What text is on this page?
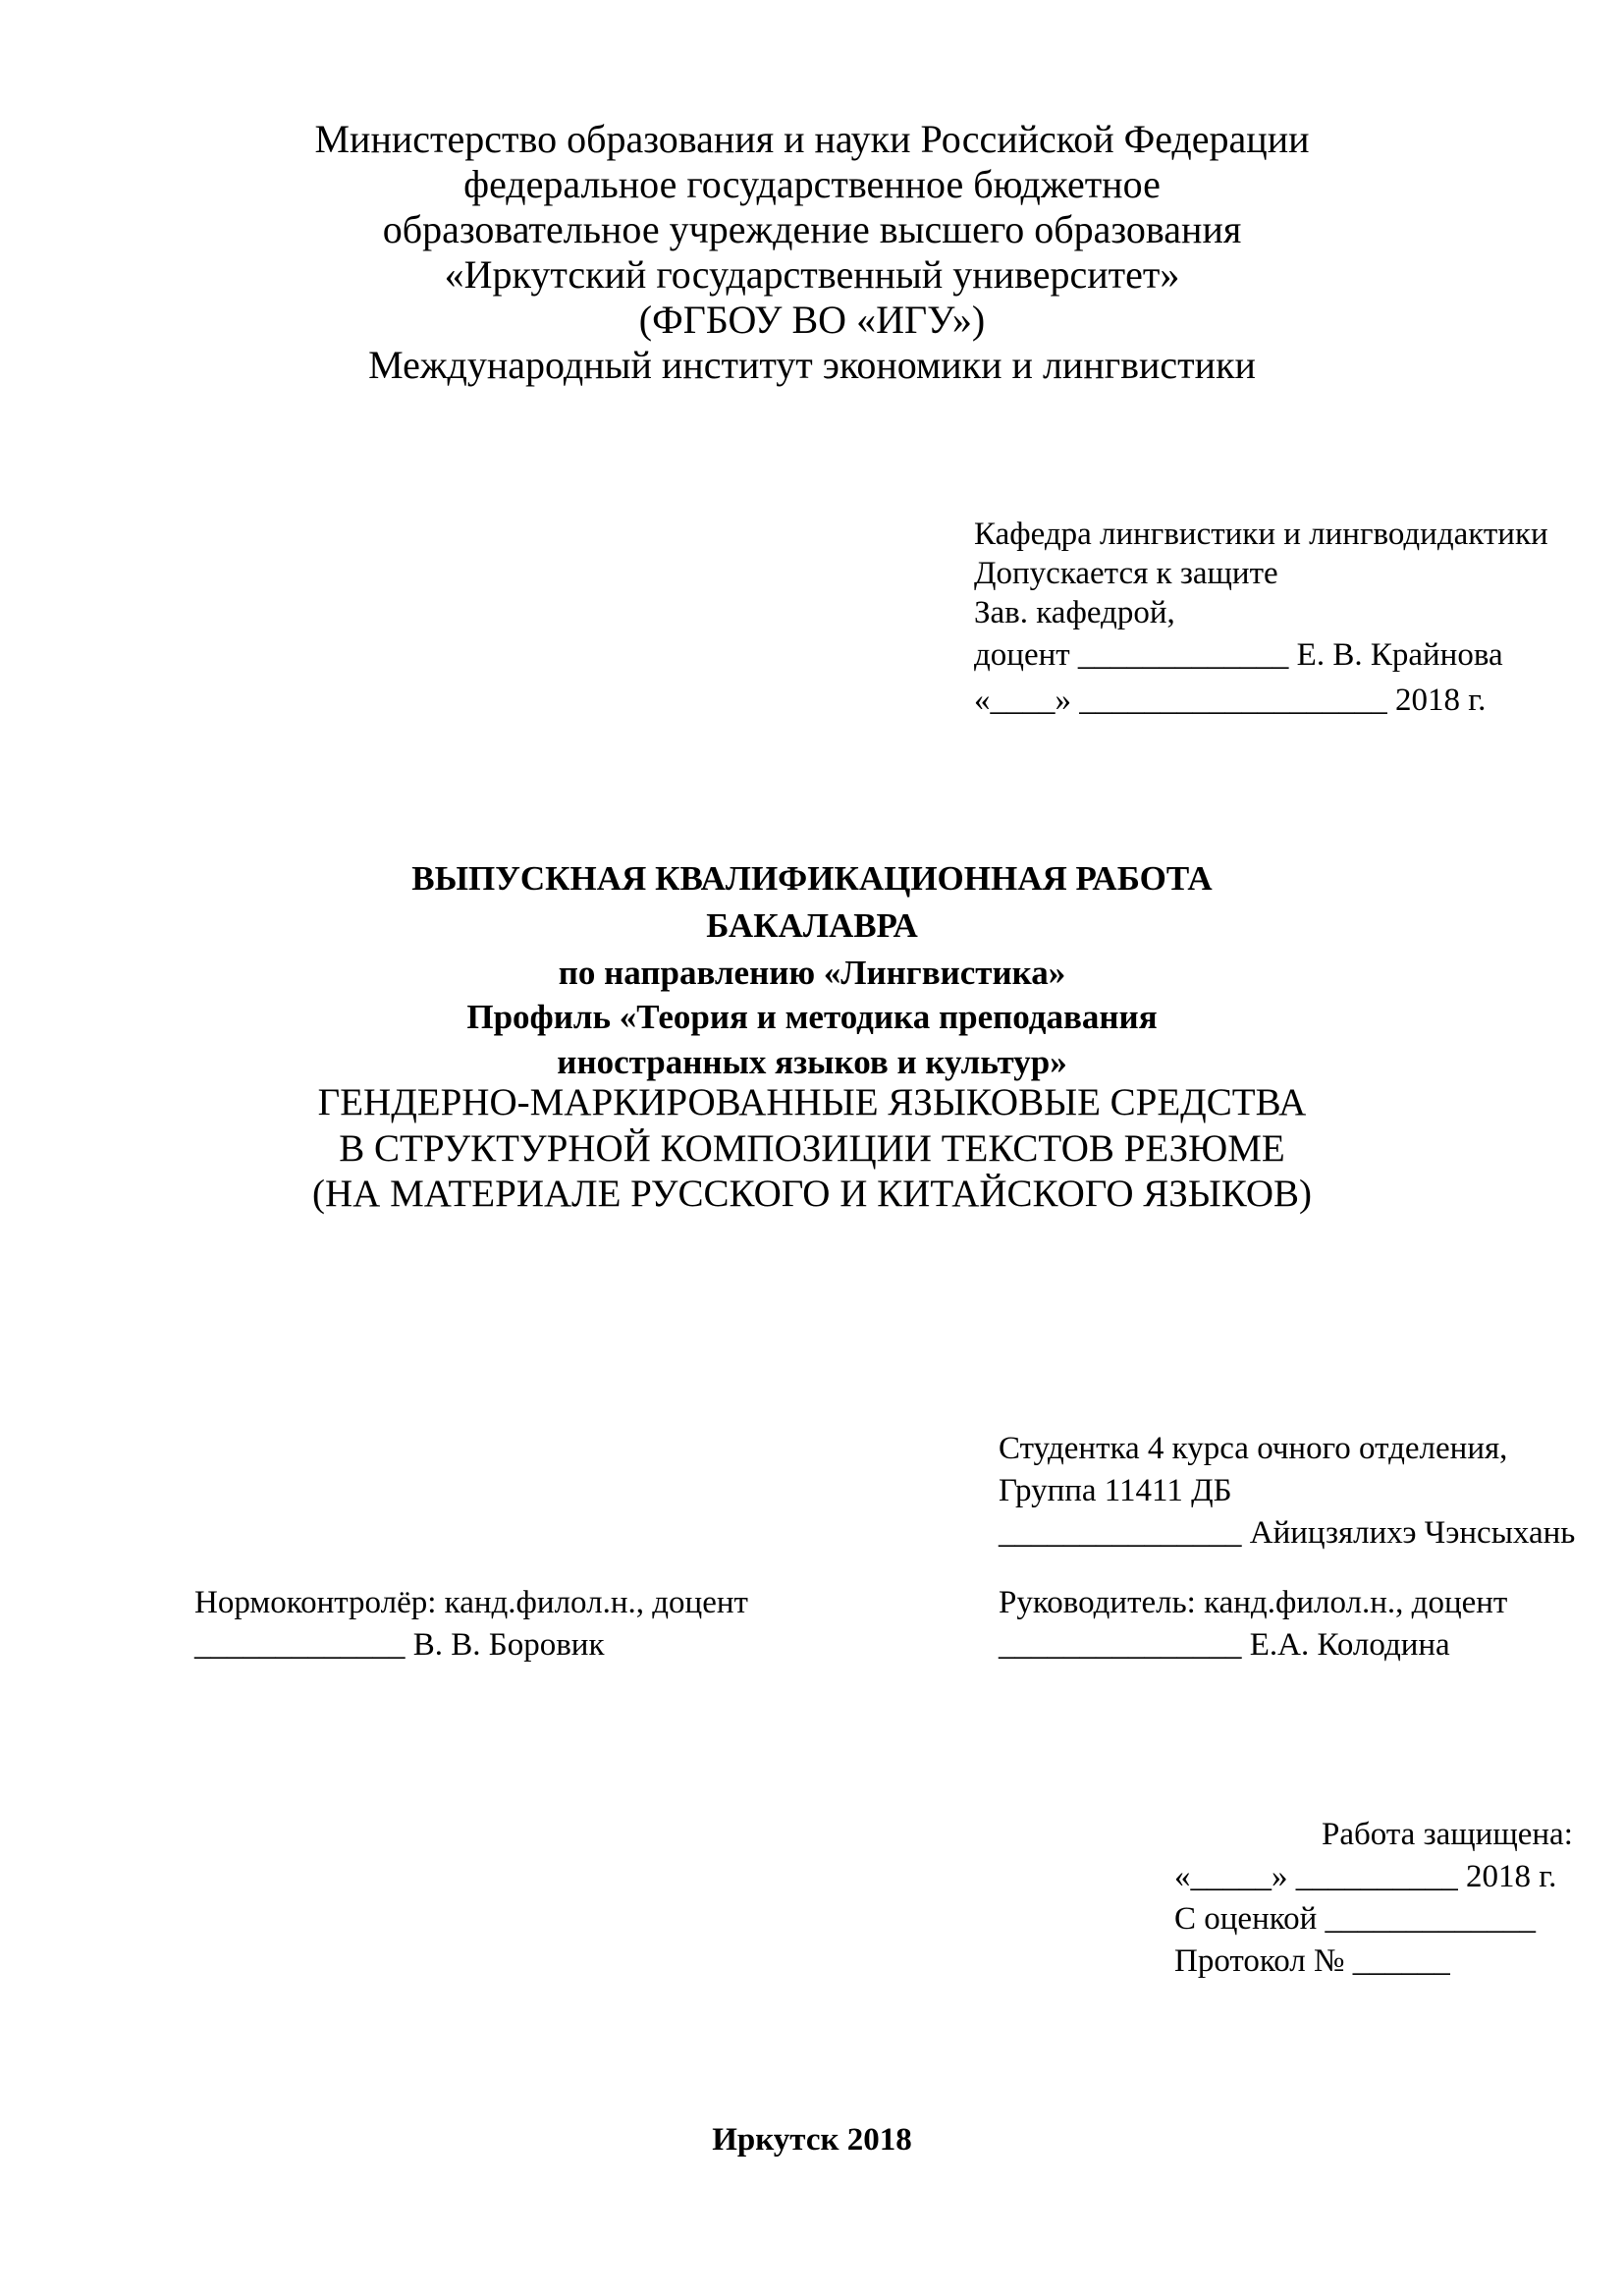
Министерство образования и науки Российской Федерации
федеральное государственное бюджетное
образовательное учреждение высшего образования
«Иркутский государственный университет»
(ФГБОУ ВО «ИГУ»)
Международный институт экономики и лингвистики
Кафедра лингвистики и лингводидактики
Допускается к защите
Зав. кафедрой,
доцент _____________ Е. В. Крайнова
«____» ___________________ 2018 г.
ВЫПУСКНАЯ КВАЛИФИКАЦИОННАЯ РАБОТА
БАКАЛАВРА
по направлению «Лингвистика»
Профиль «Теория и методика преподавания
иностранных языков и культур»
ГЕНДЕРНО-МАРКИРОВАННЫЕ ЯЗЫКОВЫЕ СРЕДСТВА
В СТРУКТУРНОЙ КОМПОЗИЦИИ ТЕКСТОВ РЕЗЮМЕ
(НА МАТЕРИАЛЕ РУССКОГО И КИТАЙСКОГО ЯЗЫКОВ)
Студентка 4 курса очного отделения,
Группа 11411 ДБ
_______________ Айицзялихэ Чэнсыхань
Нормоконтролёр: канд.филол.н., доцент
_____________ В. В. Боровик
Руководитель: канд.филол.н., доцент
_______________ Е.А. Колодина
Работа защищена:
«_____» __________ 2018 г.
С оценкой _____________
Протокол № ______
Иркутск 2018
